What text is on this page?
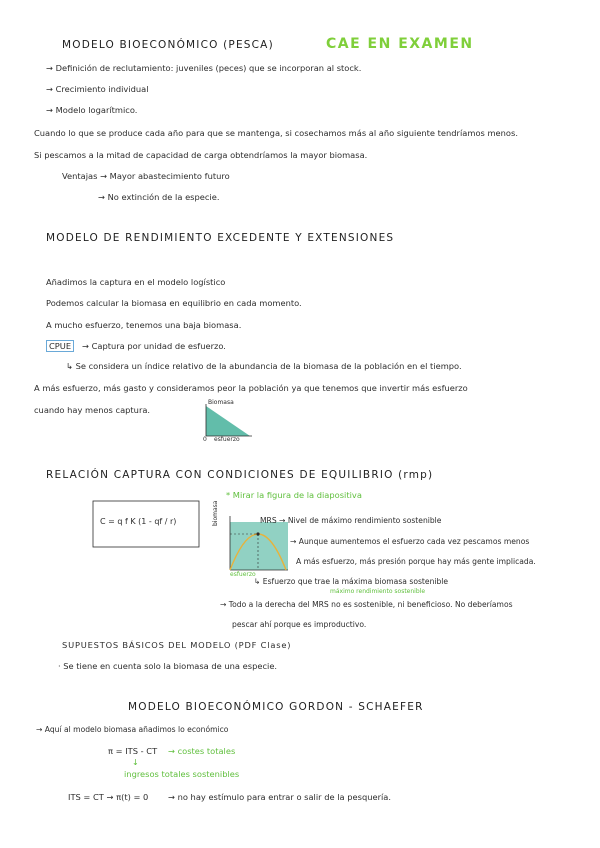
MODELO BIOECONÓMICO (PESCA)	CAE EN EXAMEN
→ Definición de reclutamiento: juveniles (peces) que se incorporan al stock.
→ Crecimiento individual
→ Modelo logarítmico.
Cuando lo que se produce cada año para que se mantenga, si cosechamos más al año siguiente tendríamos menos.
Si pescamos a la mitad de capacidad de carga obtendríamos la mayor biomasa.
Ventajas → Mayor abastecimiento futuro
→ No extinción de la especie.
MODELO DE RENDIMIENTO EXCEDENTE Y EXTENSIONES
Añadimos la captura en el modelo logístico
Podemos calcular la biomasa en equilibrio en cada momento.
A mucho esfuerzo, tenemos una baja biomasa.
CPUE	→ Captura por unidad de esfuerzo.
↳ Se considera un índice relativo de la abundancia de la biomasa de la población en el tiempo.
A más esfuerzo, más gasto y consideramos peor la población ya que tenemos que invertir más esfuerzo
cuando hay menos captura.
Biomasa
0 esfuerzo
RELACIÓN CAPTURA CON CONDICIONES DE EQUILIBRIO (rmp)
* Mirar la figura de la diapositiva
C = q f K (1 - qf / r)	biomasa
esfuerzo
MRS → Nivel de máximo rendimiento sostenible
→ Aunque aumentemos el esfuerzo cada vez pescamos menos
A más esfuerzo, más presión porque hay más gente implicada.
↳ Esfuerzo que trae la máxima biomasa sostenible
máximo rendimiento sostenible
→ Todo a la derecha del MRS no es sostenible, ni beneficioso. No deberíamos
pescar ahí porque es improductivo.
SUPUESTOS BÁSICOS DEL MODELO (PDF Clase)
· Se tiene en cuenta solo la biomasa de una especie.
MODELO BIOECONÓMICO GORDON - SCHAEFER
→ Aquí al modelo biomasa añadimos lo económico
π = ITS - CT → costes totales
↓
ingresos totales sostenibles
ITS = CT → π(t) = 0 → no hay estímulo para entrar o salir de la pesquería.
